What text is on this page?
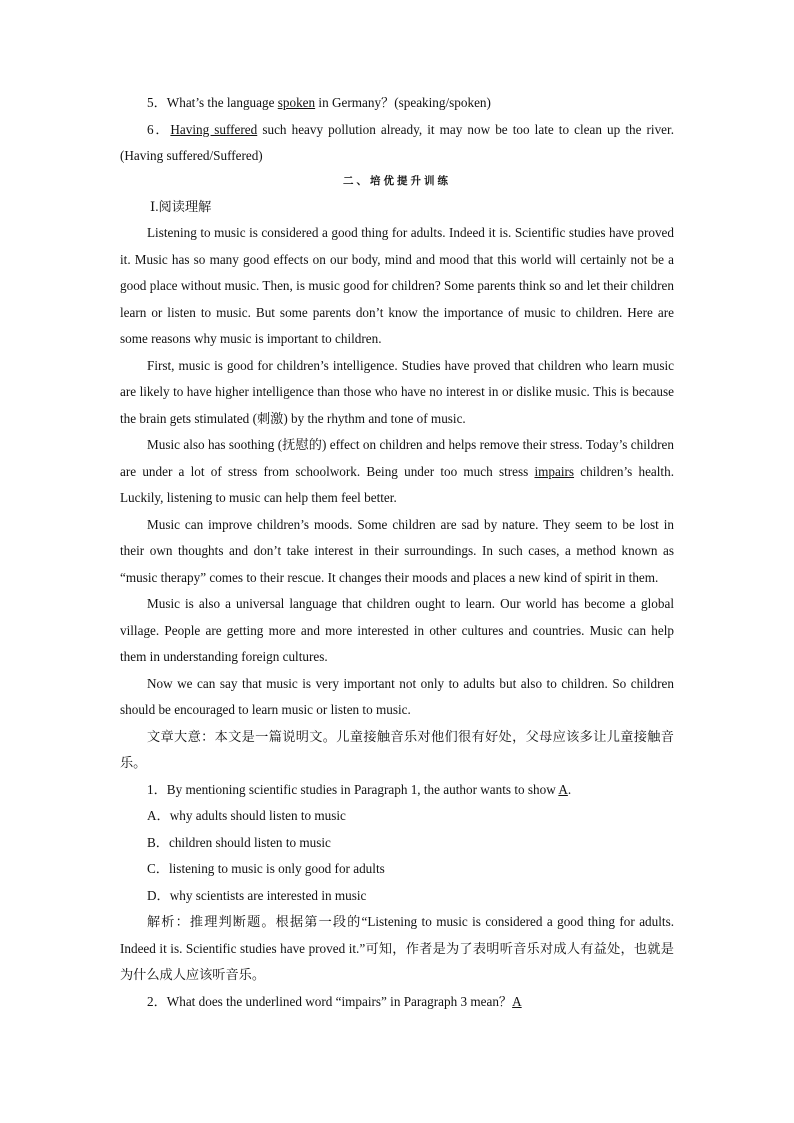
5．What’s the language spoken in Germany？(speaking/spoken)

6．Having suffered such heavy pollution already, it may now be too late to clean up the river.(Having suffered/Suffered)

二、培优提升训练

Ⅰ.阅读理解

Listening to music is considered a good thing for adults. Indeed it is. Scientific studies have proved it. Music has so many good effects on our body, mind and mood that this world will certainly not be a good place without music. Then, is music good for children? Some parents think so and let their children learn or listen to music. But some parents don’t know the importance of music to children. Here are some reasons why music is important to children.

First, music is good for children’s intelligence. Studies have proved that children who learn music are likely to have higher intelligence than those who have no interest in or dislike music. This is because the brain gets stimulated (刺激) by the rhythm and tone of music.

Music also has soothing (抚慰的) effect on children and helps remove their stress. Today’s children are under a lot of stress from schoolwork. Being under too much stress impairs children’s health. Luckily, listening to music can help them feel better.

Music can improve children’s moods. Some children are sad by nature. They seem to be lost in their own thoughts and don’t take interest in their surroundings. In such cases, a method known as “music therapy” comes to their rescue. It changes their moods and places a new kind of spirit in them.

Music is also a universal language that children ought to learn. Our world has become a global village. People are getting more and more interested in other cultures and countries. Music can help them in understanding foreign cultures.

Now we can say that music is very important not only to adults but also to children. So children should be encouraged to learn music or listen to music.

文章大意：本文是一篇说明文。儿童接触音乐对他们很有好处，父母应该多让儿童接触音乐。

1．By mentioning scientific studies in Paragraph 1, the author wants to show A.

A．why adults should listen to music

B．children should listen to music

C．listening to music is only good for adults

D．why scientists are interested in music

解析：推理判断题。根据第一段的“Listening to music is considered a good thing for adults. Indeed it is. Scientific studies have proved it.”可知，作者是为了表明听音乐对成人有益处，也就是为什么成人应该听音乐。

2．What does the underlined word “impairs” in Paragraph 3 mean？A
